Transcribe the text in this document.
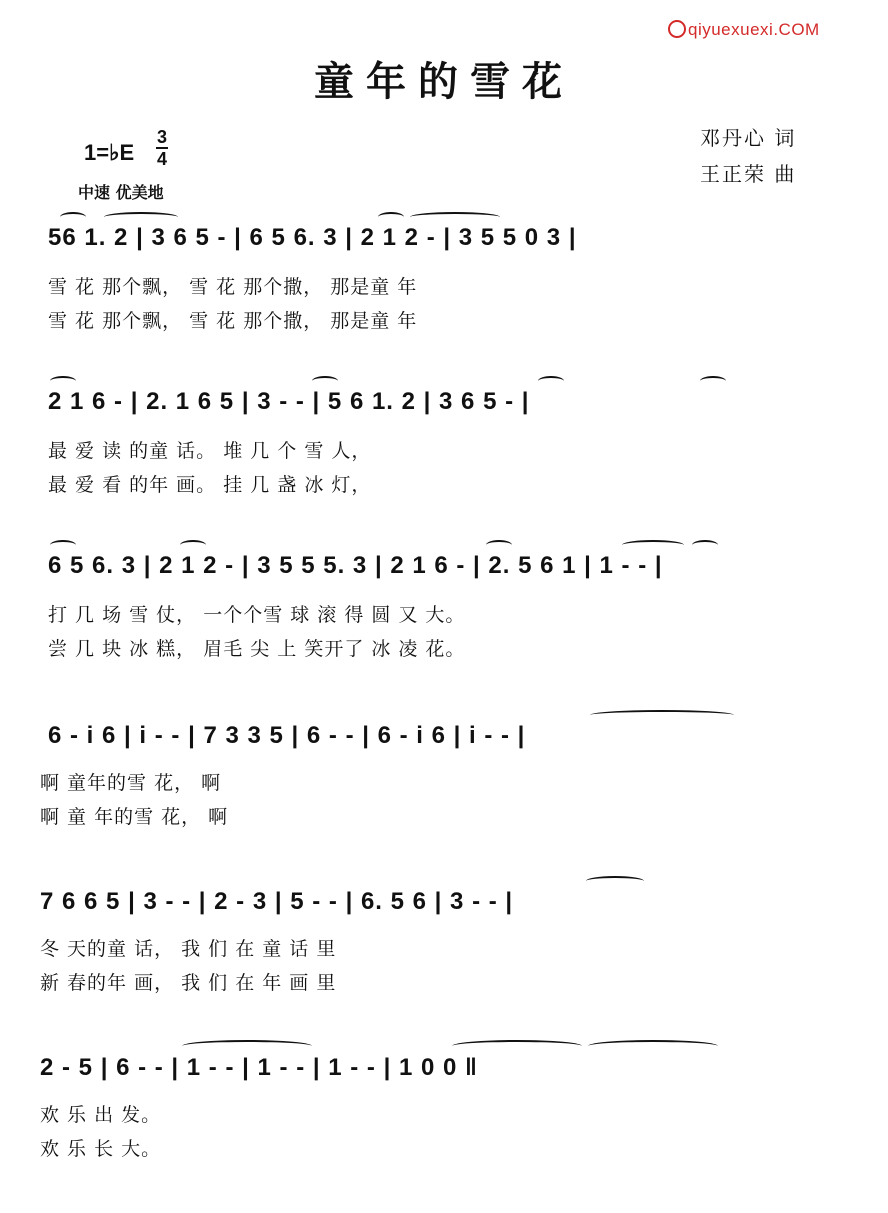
qiyuexuexi.COM
童年的雪花
邓丹心 词
王正荣 曲
1=♭E
3
4
中速 优美地
56 1. 2 | 3 6 5 - | 6 5 6. 3 | 2 1 2 - | 3 5 5 0 3 |
雪 花 那个飘， 雪 花 那个撒， 那是童 年
雪 花 那个飘， 雪 花 那个撒， 那是童 年
2 1 6 - | 2. 1 6 5 | 3 - - | 5 6 1. 2 | 3 6 5 - |
最 爱 读 的童 话。 堆 几 个 雪 人，
最 爱 看 的年 画。 挂 几 盏 冰 灯，
6 5 6. 3 | 2 1 2 - | 3 5 5 5. 3 | 2 1 6 - | 2. 5 6 1 | 1 - - |
打 几 场 雪 仗， 一个个雪 球 滚 得 圆 又 大。
尝 几 块 冰 糕， 眉毛 尖 上 笑开了 冰 凌 花。
6 - i 6 | i - - | 7 3 3 5 | 6 - - | 6 - i 6 | i - - |
啊 童年的雪 花， 啊
啊 童 年的雪 花， 啊
7 6 6 5 | 3 - - | 2 - 3 | 5 - - | 6. 5 6 | 3 - - |
冬 天的童 话， 我 们 在 童 话 里
新 春的年 画， 我 们 在 年 画 里
2 - 5 | 6 - - | 1 - - | 1 - - | 1 - - | 1 0 0 ‖
欢 乐 出 发。
欢 乐 长 大。
